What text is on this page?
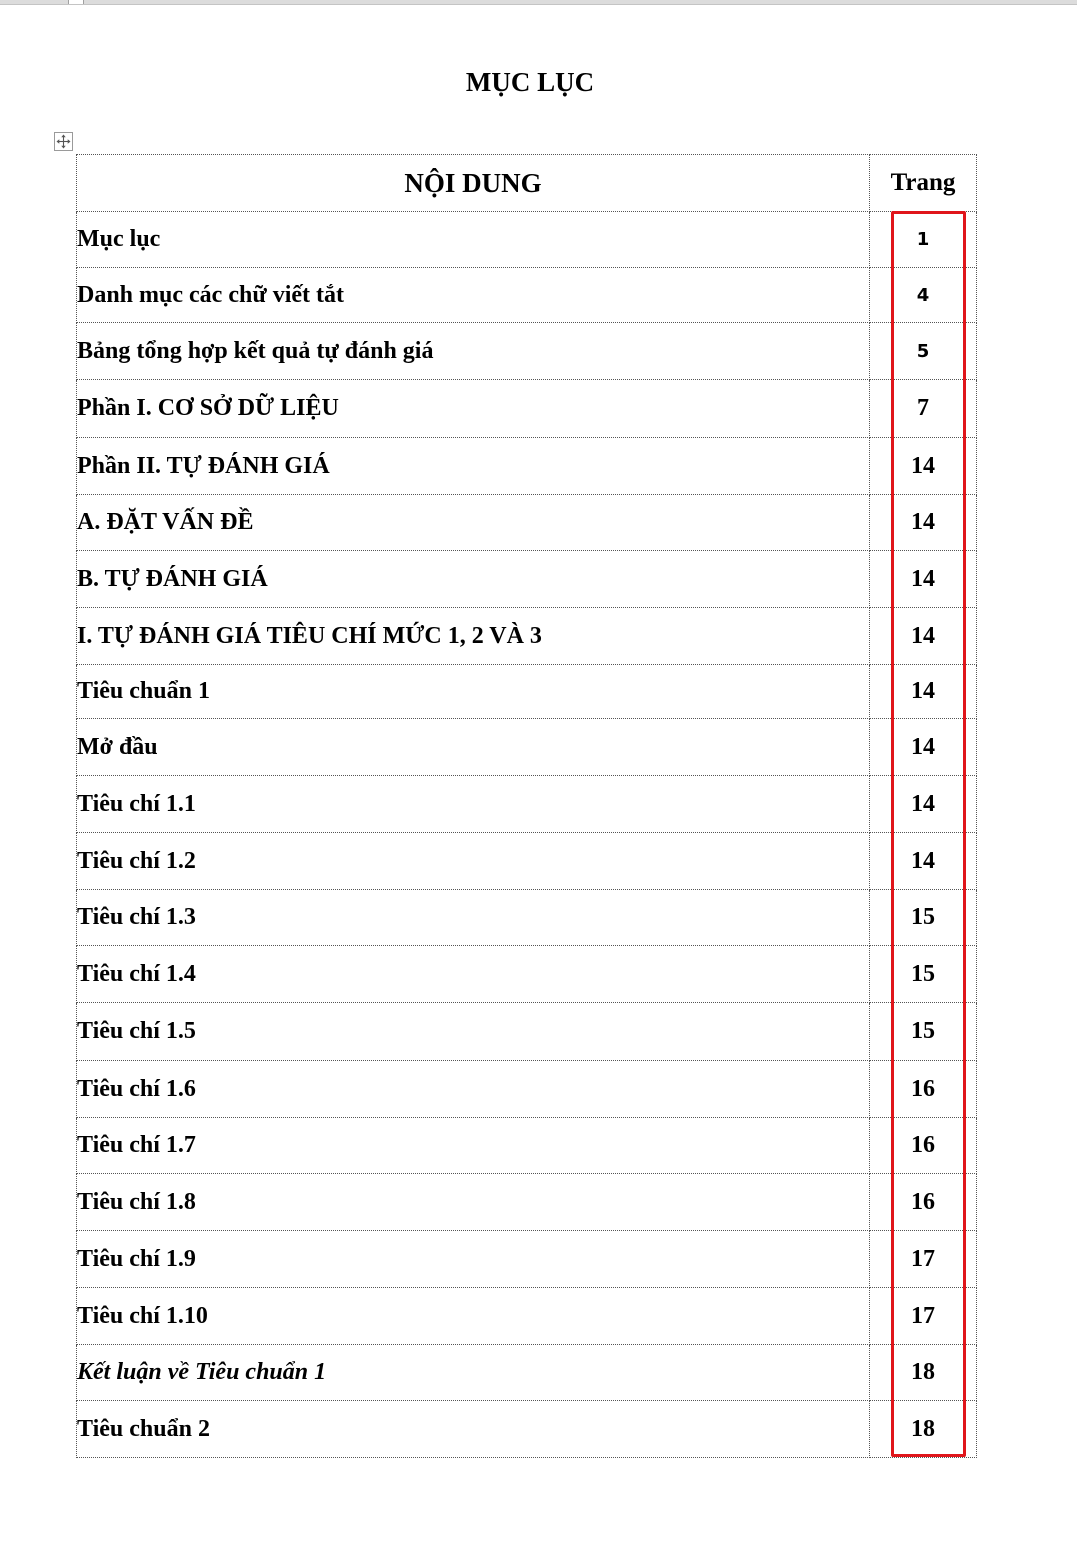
MỤC LỤC
NỘI DUNG	Trang
Mục lục	1
Danh mục các chữ viết tắt	4
Bảng tổng hợp kết quả tự đánh giá	5
Phần I. CƠ SỞ DỮ LIỆU	7
Phần II. TỰ ĐÁNH GIÁ	14
A. ĐẶT VẤN ĐỀ	14
B. TỰ ĐÁNH GIÁ	14
I. TỰ ĐÁNH GIÁ TIÊU CHÍ MỨC 1, 2 VÀ 3	14
Tiêu chuẩn 1	14
Mở đầu	14
Tiêu chí 1.1	14
Tiêu chí 1.2	14
Tiêu chí 1.3	15
Tiêu chí 1.4	15
Tiêu chí 1.5	15
Tiêu chí 1.6	16
Tiêu chí 1.7	16
Tiêu chí 1.8	16
Tiêu chí 1.9	17
Tiêu chí 1.10	17
Kết luận về Tiêu chuẩn 1	18
Tiêu chuẩn 2	18
